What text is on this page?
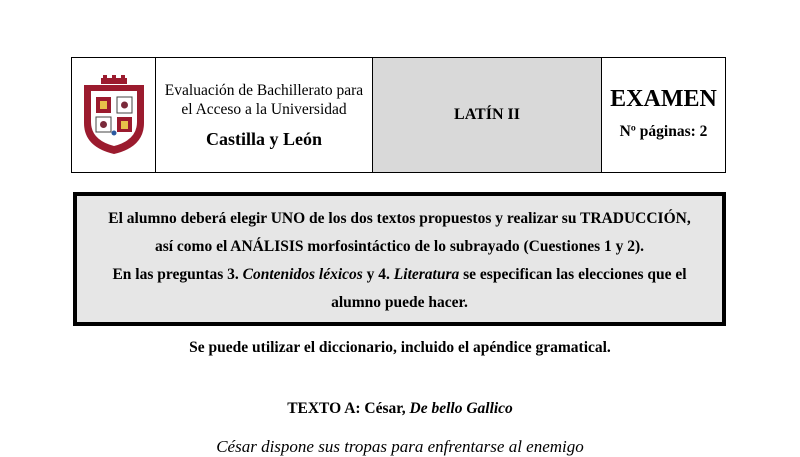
Evaluación de Bachillerato para
el Acceso a la Universidad
Castilla y León

LATÍN II

EXAMEN
Nº páginas: 2

El alumno deberá elegir UNO de los dos textos propuestos y realizar su TRADUCCIÓN,

así como el ANÁLISIS morfosintáctico de lo subrayado (Cuestiones 1 y 2).

En las preguntas 3. Contenidos léxicos y 4. Literatura se especifican las elecciones que el

alumno puede hacer.

Se puede utilizar el diccionario, incluido el apéndice gramatical.
TEXTO A: César, De bello Gallico
César dispone sus tropas para enfrentarse al enemigo
